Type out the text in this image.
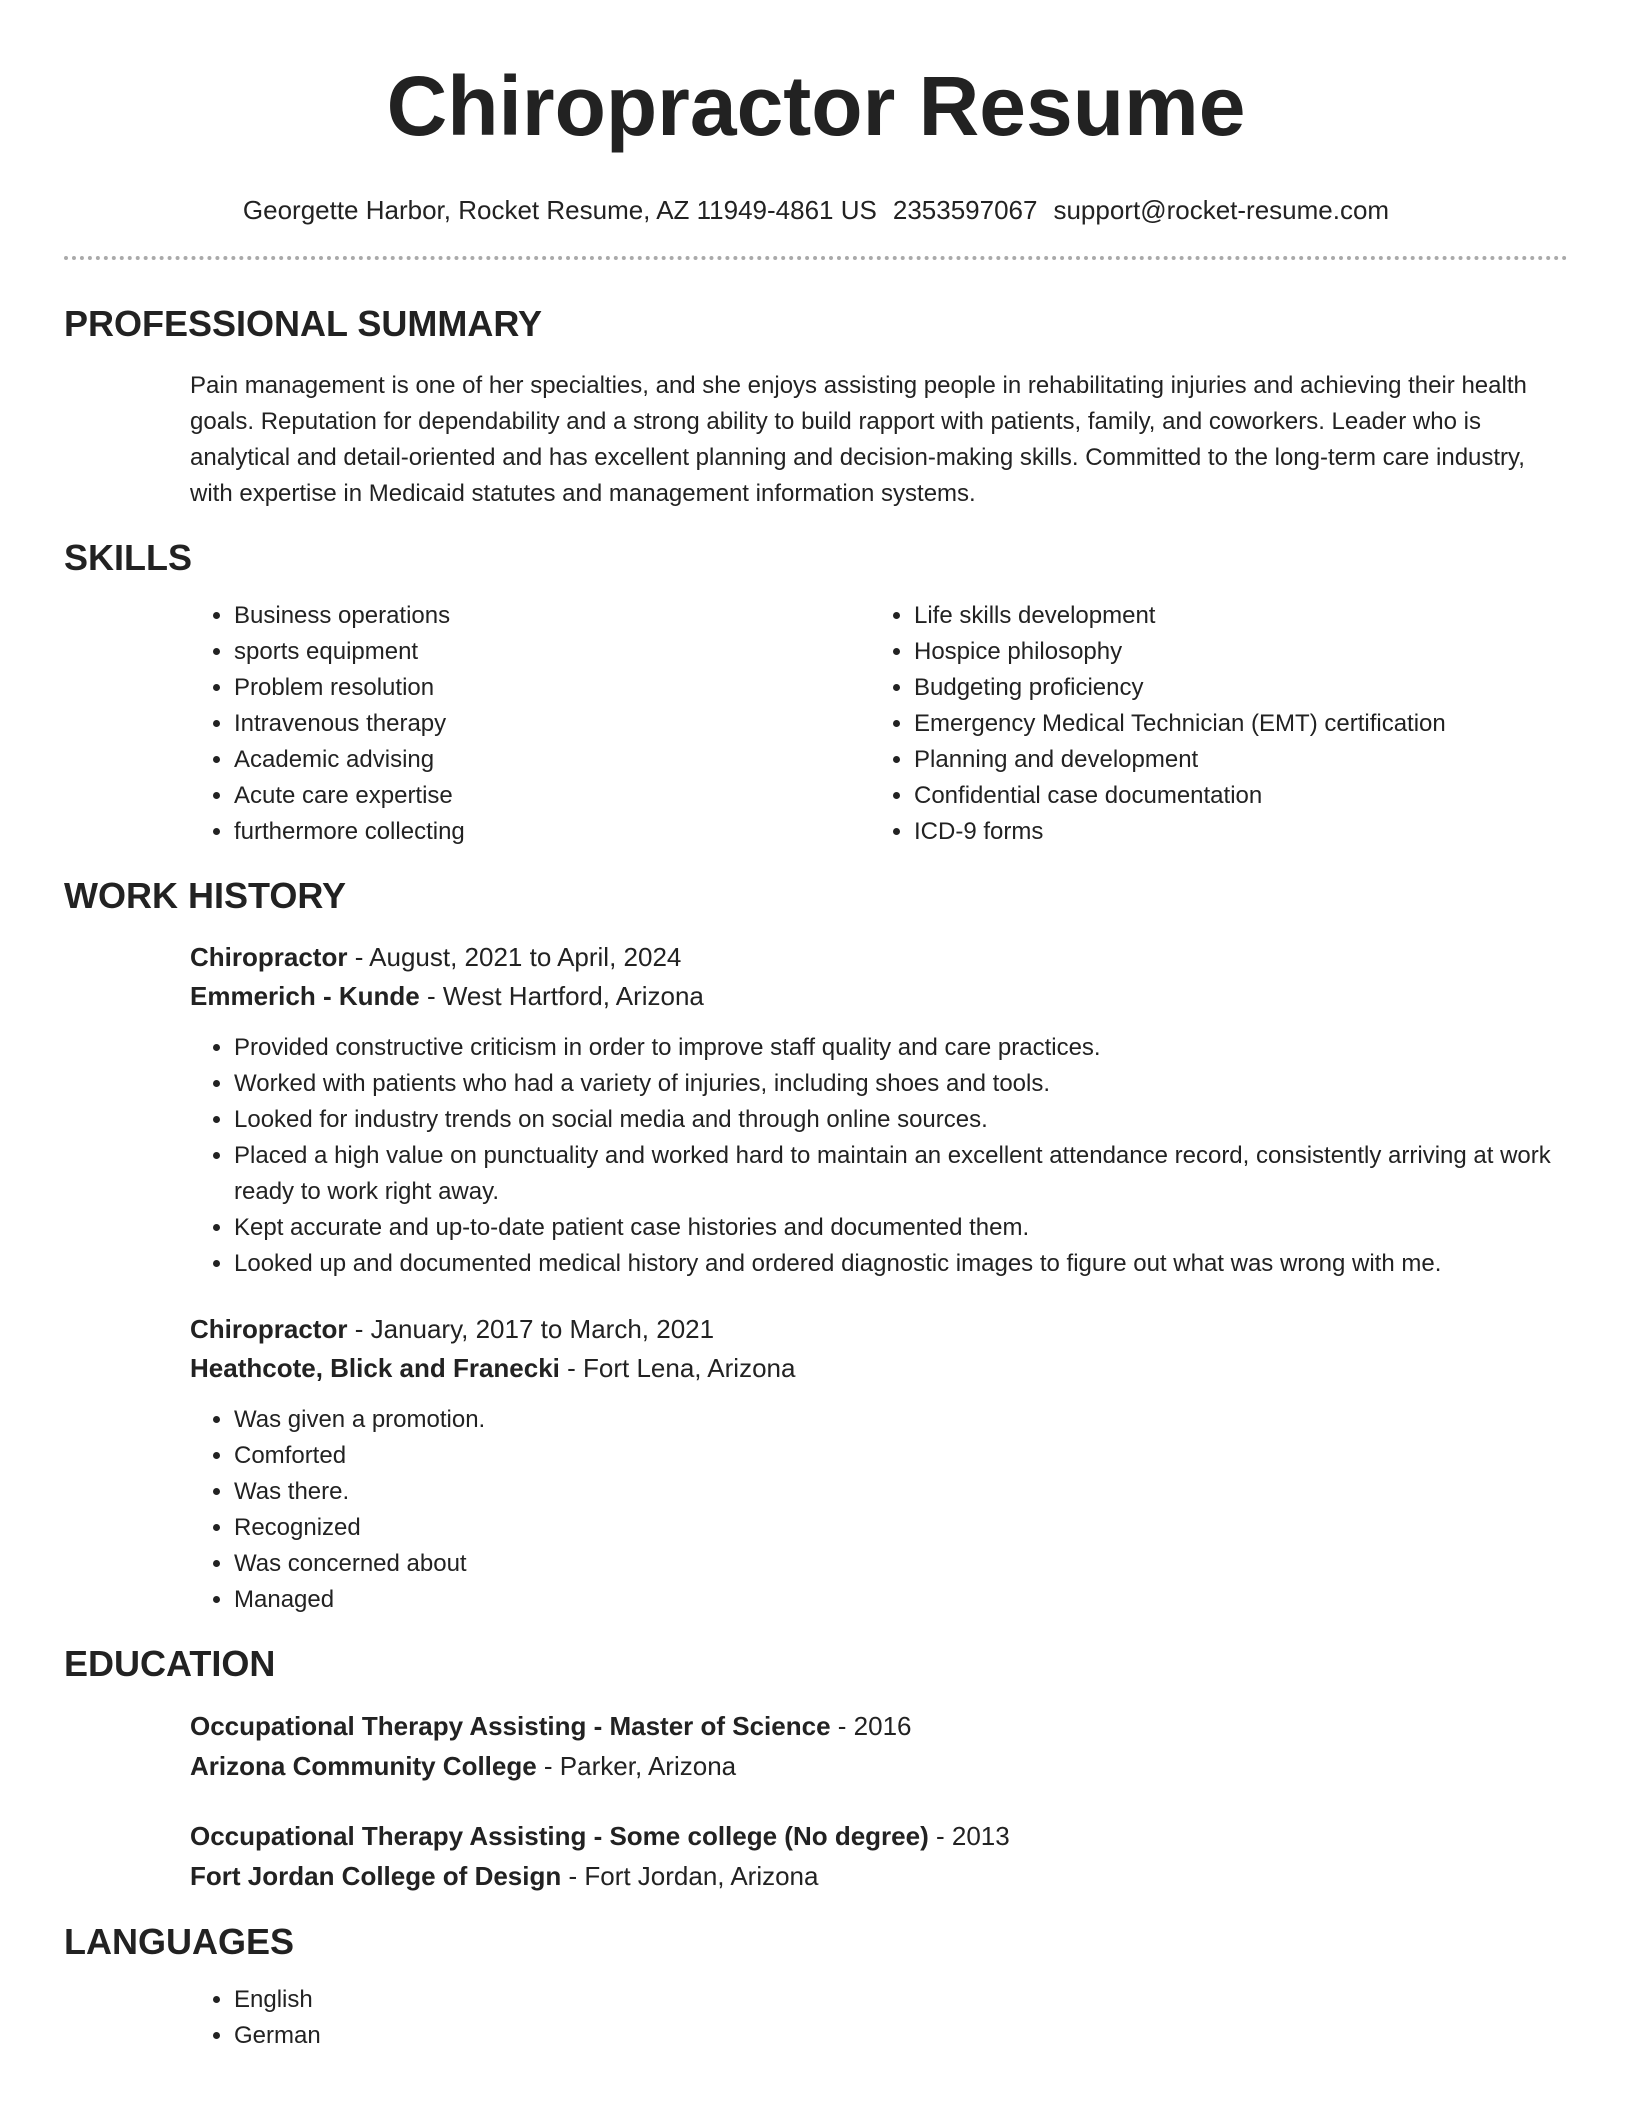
Chiropractor Resume
Georgette Harbor, Rocket Resume, AZ 11949-4861 US 2353597067 support@rocket-resume.com
PROFESSIONAL SUMMARY
Pain management is one of her specialties, and she enjoys assisting people in rehabilitating injuries and achieving their health goals. Reputation for dependability and a strong ability to build rapport with patients, family, and coworkers. Leader who is analytical and detail-oriented and has excellent planning and decision-making skills. Committed to the long-term care industry, with expertise in Medicaid statutes and management information systems.
SKILLS
• Business operations
• sports equipment
• Problem resolution
• Intravenous therapy
• Academic advising
• Acute care expertise
• furthermore collecting
• Life skills development
• Hospice philosophy
• Budgeting proficiency
• Emergency Medical Technician (EMT) certification
• Planning and development
• Confidential case documentation
• ICD-9 forms
WORK HISTORY
Chiropractor - August, 2021 to April, 2024
Emmerich - Kunde - West Hartford, Arizona
• Provided constructive criticism in order to improve staff quality and care practices.
• Worked with patients who had a variety of injuries, including shoes and tools.
• Looked for industry trends on social media and through online sources.
• Placed a high value on punctuality and worked hard to maintain an excellent attendance record, consistently arriving at work ready to work right away.
• Kept accurate and up-to-date patient case histories and documented them.
• Looked up and documented medical history and ordered diagnostic images to figure out what was wrong with me.
Chiropractor - January, 2017 to March, 2021
Heathcote, Blick and Franecki - Fort Lena, Arizona
• Was given a promotion.
• Comforted
• Was there.
• Recognized
• Was concerned about
• Managed
EDUCATION
Occupational Therapy Assisting - Master of Science - 2016
Arizona Community College - Parker, Arizona
Occupational Therapy Assisting - Some college (No degree) - 2013
Fort Jordan College of Design - Fort Jordan, Arizona
LANGUAGES
• English
• German
